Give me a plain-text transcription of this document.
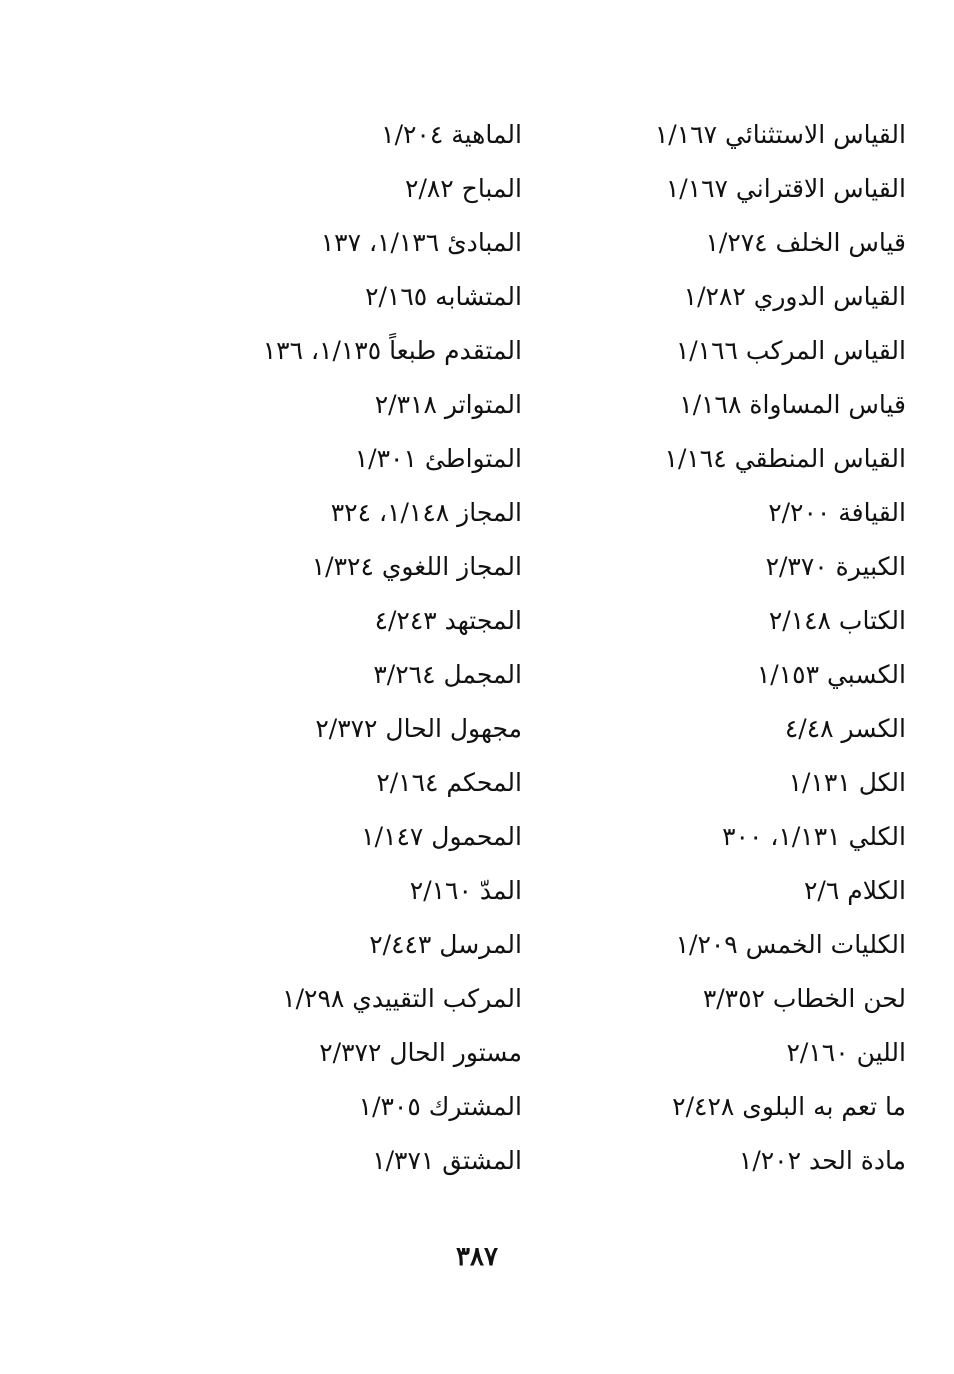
القياس الاستثنائي ١/١٦٧
القياس الاقتراني ١/١٦٧
قياس الخلف ١/٢٧٤
القياس الدوري ١/٢٨٢
القياس المركب ١/١٦٦
قياس المساواة ١/١٦٨
القياس المنطقي ١/١٦٤
القيافة ٢/٢٠٠
الكبيرة ٢/٣٧٠
الكتاب ٢/١٤٨
الكسبي ١/١٥٣
الكسر ٤/٤٨
الكل ١/١٣١
الكلي ١/١٣١، ٣٠٠
الكلام ٢/٦
الكليات الخمس ١/٢٠٩
لحن الخطاب ٣/٣٥٢
اللين ٢/١٦٠
ما تعم به البلوى ٢/٤٢٨
مادة الحد ١/٢٠٢
الماهية ١/٢٠٤
المباح ٢/٨٢
المبادئ ١/١٣٦، ١٣٧
المتشابه ٢/١٦٥
المتقدم طبعاً ١/١٣٥، ١٣٦
المتواتر ٢/٣١٨
المتواطئ ١/٣٠١
المجاز ١/١٤٨، ٣٢٤
المجاز اللغوي ١/٣٢٤
المجتهد ٤/٢٤٣
المجمل ٣/٢٦٤
مجهول الحال ٢/٣٧٢
المحكم ٢/١٦٤
المحمول ١/١٤٧
المدّ ٢/١٦٠
المرسل ٢/٤٤٣
المركب التقييدي ١/٢٩٨
مستور الحال ٢/٣٧٢
المشترك ١/٣٠٥
المشتق ١/٣٧١
٣٨٧
